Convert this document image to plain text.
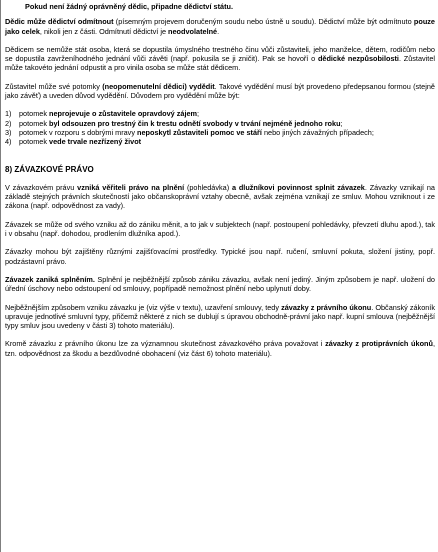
Pokud není žádný oprávněný dědic, připadne dědictví státu.

Dědic může dědictví odmítnout (písemným projevem doručeným soudu nebo ústně u soudu). Dědictví může být odmítnuto pouze jako celek, nikoli jen z části. Odmítnutí dědictví je neodvolatelné.

Dědicem se nemůže stát osoba, která se dopustila úmyslného trestného činu vůči zůstaviteli, jeho manželce, dětem, rodičům nebo se dopustila zavrženíhodného jednání vůči závěti (např. pokusila se ji zničit). Pak se hovoří o dědické nezpůsobilosti. Zůstavitel může takovéto jednání odpustit a pro vinila osoba se může stát dědicem.

Zůstavitel může své potomky (neopomenutelní dědici) vydědit. Takové vydědění musí být provedeno předepsanou formou (stejně jako závěť) a uveden důvod vydědění. Důvodem pro vydědění může být:

1)	potomek neprojevuje o zůstavitele opravdový zájem;
2)	potomek byl odsouzen pro trestný čin k trestu odnětí svobody v trvání nejméně jednoho roku;
3)	potomek v rozporu s dobrými mravy neposkytl zůstaviteli pomoc ve stáří nebo jiných závažných případech;
4)	potomek vede trvale nezřízený život

8) ZÁVAZKOVÉ PRÁVO

V závazkovém právu vzniká věřiteli právo na plnění (pohledávka) a dlužníkovi povinnost splnit závazek. Závazky vznikají na základě stejných právních skutečností jako občanskoprávní vztahy obecně, avšak zejména vznikají ze smluv. Mohou vzniknout i ze zákona (např. odpovědnost za vady).

Závazek se může od svého vzniku až do zániku měnit, a to jak v subjektech (např. postoupení pohledávky, převzetí dluhu apod.), tak i v obsahu (např. dohodou, prodlením dlužníka apod.).

Závazky mohou být zajištěny různými zajišťovacími prostředky. Typické jsou např. ručení, smluvní pokuta, složení jistiny, popř. podzástavní právo.

Závazek zaniká splněním. Splnění je nejběžnější způsob zániku závazku, avšak není jediný. Jiným způsobem je např. uložení do úřední úschovy nebo odstoupení od smlouvy, popřípadě nemožnost plnění nebo uplynutí doby.

Nejběžnějším způsobem vzniku závazku je (viz výše v textu), uzavření smlouvy, tedy závazky z právního úkonu. Občanský zákoník upravuje jednotlivé smluvní typy, přičemž některé z nich se dublují s úpravou obchodně-právní jako např. kupní smlouva (nejběžnější typy smluv jsou uvedeny v části 3) tohoto materiálu).

Kromě závazku z právního úkonu lze za významnou skutečnost závazkového práva považovat i závazky z protiprávních úkonů, tzn. odpovědnost za škodu a bezdůvodné obohacení (viz část 6) tohoto materiálu).
